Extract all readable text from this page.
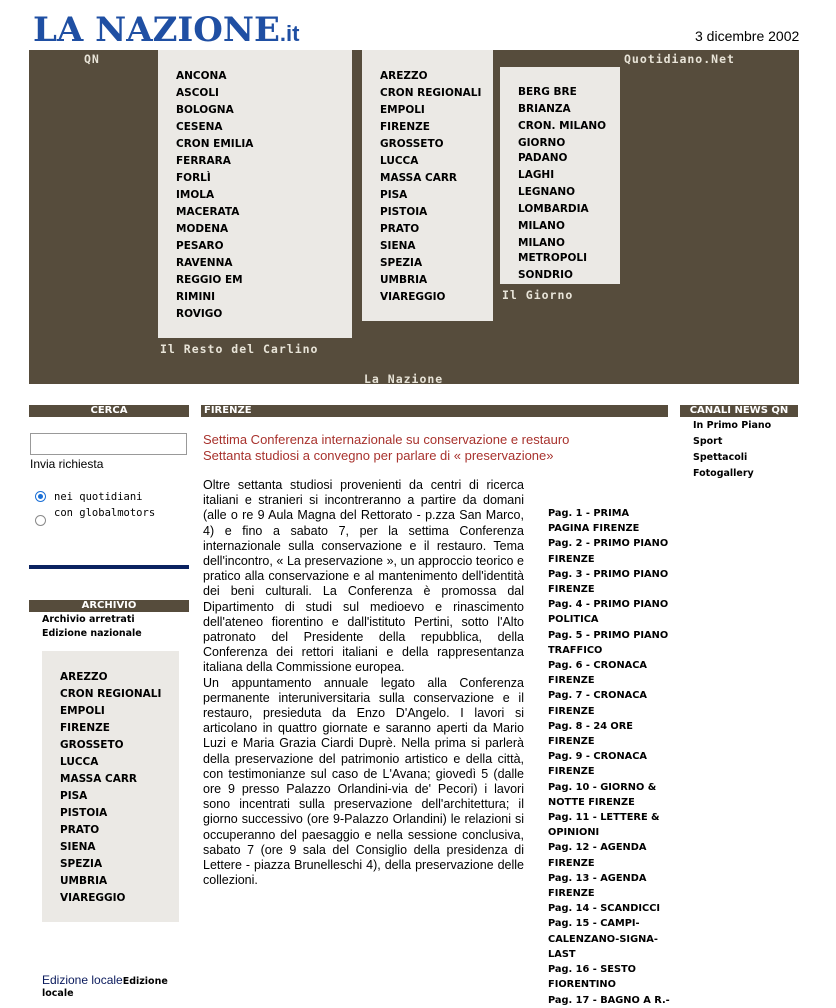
LA NAZIONE.it	3 dicembre 2002
QN	Quotidiano.Net
ANCONA
ASCOLI
BOLOGNA
CESENA
CRON EMILIA
FERRARA
FORLÌ
IMOLA
MACERATA
MODENA
PESARO
RAVENNA
REGGIO EM
RIMINI
ROVIGO
Il Resto del Carlino
AREZZO
CRON REGIONALI
EMPOLI
FIRENZE
GROSSETO
LUCCA
MASSA CARR
PISA
PISTOIA
PRATO
SIENA
SPEZIA
UMBRIA
VIAREGGIO
BERG BRE
BRIANZA
CRON. MILANO
GIORNO PADANO
LAGHI
LEGNANO
LOMBARDIA
MILANO
MILANO METROPOLI
SONDRIO
Il Giorno
La Nazione
CERCA
Invia richiesta
nei quotidiani
con globalmotors
ARCHIVIO
Archivio arretrati
Edizione nazionale
AREZZO
CRON REGIONALI
EMPOLI
FIRENZE
GROSSETO
LUCCA
MASSA CARR
PISA
PISTOIA
PRATO
SIENA
SPEZIA
UMBRIA
VIAREGGIO
Edizione localeEdizione
locale
FIRENZE
Settima Conferenza internazionale su conservazione e restauro
Settanta studiosi a convegno per parlare di « preservazione»

Oltre settanta studiosi provenienti da centri di ricerca italiani e stranieri si incontreranno a partire da domani (alle o re 9 Aula Magna del Rettorato - p.zza San Marco, 4) e fino a sabato 7, per la settima Conferenza internazionale sulla conservazione e il restauro. Tema dell'incontro, « La preservazione », un approccio teorico e pratico alla conservazione e al mantenimento dell'identità dei beni culturali. La Conferenza è promossa dal Dipartimento di studi sul medioevo e rinascimento dell'ateneo fiorentino e dall'istituto Pertini, sotto l'Alto patronato del Presidente della repubblica, della Conferenza dei rettori italiani e della rappresentanza italiana della Commissione europea.

Un appuntamento annuale legato alla Conferenza permanente interuniversitaria sulla conservazione e il restauro, presieduta da Enzo D'Angelo. I lavori si articolano in quattro giornate e saranno aperti da Mario Luzi e Maria Grazia Ciardi Duprè. Nella prima si parlerà della preservazione del patrimonio artistico e della città, con testimonianze sul caso de L'Avana; giovedì 5 (dalle ore 9 presso Palazzo Orlandini-via de' Pecori) i lavori sono incentrati sulla preservazione dell'architettura; il giorno successivo (ore 9-Palazzo Orlandini) le relazioni si occuperanno del paesaggio e nella sessione conclusiva, sabato 7 (ore 9 sala del Consiglio della presidenza di Lettere - piazza Brunelleschi 4), della preservazione delle collezioni.

Pag. 1 - PRIMA PAGINA FIRENZE
Pag. 2 - PRIMO PIANO FIRENZE
Pag. 3 - PRIMO PIANO FIRENZE
Pag. 4 - PRIMO PIANO POLITICA
Pag. 5 - PRIMO PIANO TRAFFICO
Pag. 6 - CRONACA FIRENZE
Pag. 7 - CRONACA FIRENZE
Pag. 8 - 24 ORE FIRENZE
Pag. 9 - CRONACA FIRENZE
Pag. 10 - GIORNO & NOTTE FIRENZE
Pag. 11 - LETTERE & OPINIONI
Pag. 12 - AGENDA FIRENZE
Pag. 13 - AGENDA FIRENZE
Pag. 14 - SCANDICCI
Pag. 15 - CAMPI-CALENZANO-SIGNA-LAST
Pag. 16 - SESTO FIORENTINO
Pag. 17 - BAGNO A R.-
CANALI NEWS QN
In Primo Piano
Sport
Spettacoli
Fotogallery
